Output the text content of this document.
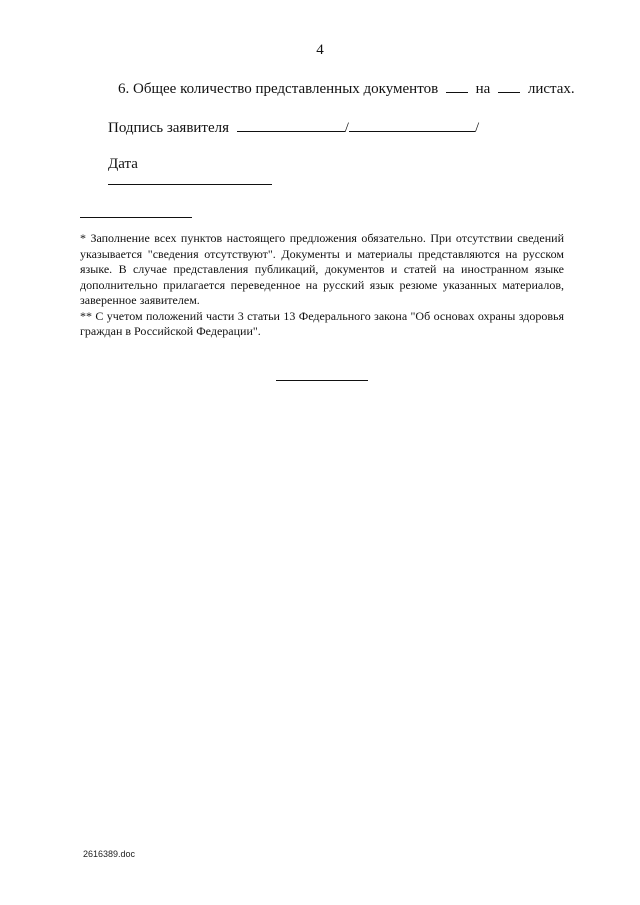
4
6. Общее количество представленных документов	на	листах.
Подпись заявителя	/	/
Дата

* Заполнение всех пунктов настоящего предложения обязательно. При отсутствии сведений указывается "сведения отсутствуют". Документы и материалы представляются на русском языке. В случае представления публикаций, документов и статей на иностранном языке дополнительно прилагается переведенное на русский язык резюме указанных материалов, заверенное заявителем.

** С учетом положений части 3 статьи 13 Федерального закона "Об основах охраны здоровья граждан в Российской Федерации".

2616389.doc
